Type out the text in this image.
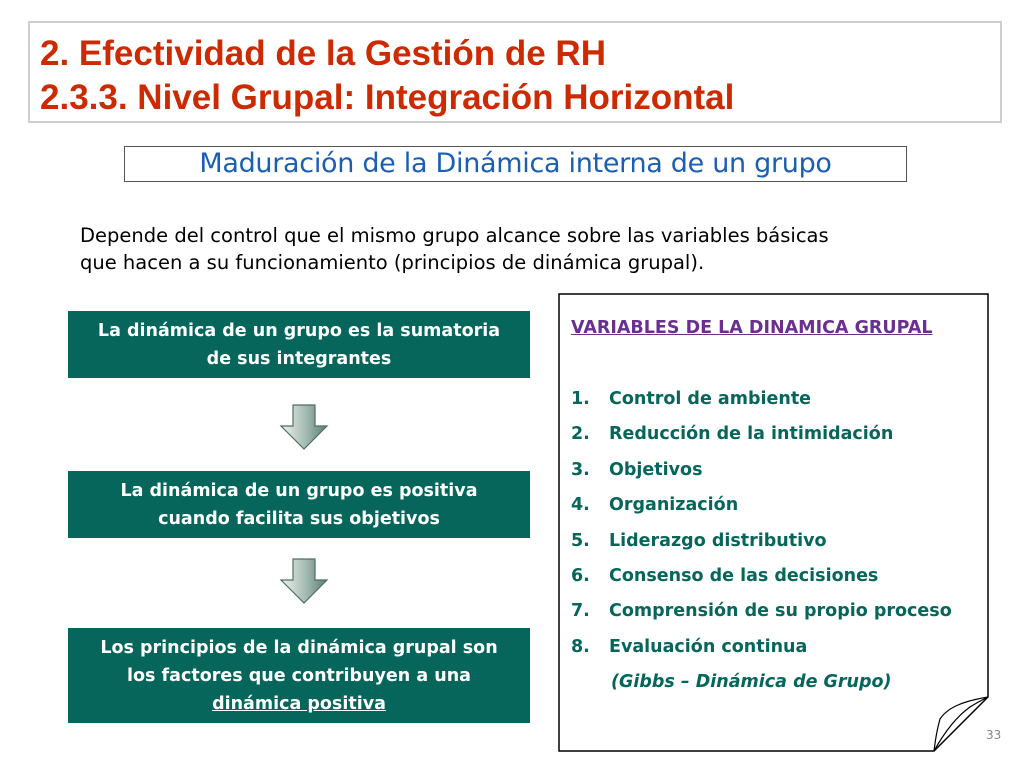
2. Efectividad de la Gestión de RH
2.3.3. Nivel Grupal: Integración Horizontal
Maduración de la Dinámica interna de un grupo
Depende del control que el mismo grupo alcance sobre las variables básicas
que hacen a su funcionamiento (principios de dinámica grupal).
La dinámica de un grupo es la sumatoria
de sus integrantes
La dinámica de un grupo es positiva
cuando facilita sus objetivos
Los principios de la dinámica grupal son
los factores que contribuyen a una
dinámica positiva
VARIABLES DE LA DINAMICA GRUPAL
1. Control de ambiente
2. Reducción de la intimidación
3. Objetivos
4. Organización
5. Liderazgo distributivo
6. Consenso de las decisiones
7. Comprensión de su propio proceso
8. Evaluación continua
(Gibbs – Dinámica de Grupo)
33
